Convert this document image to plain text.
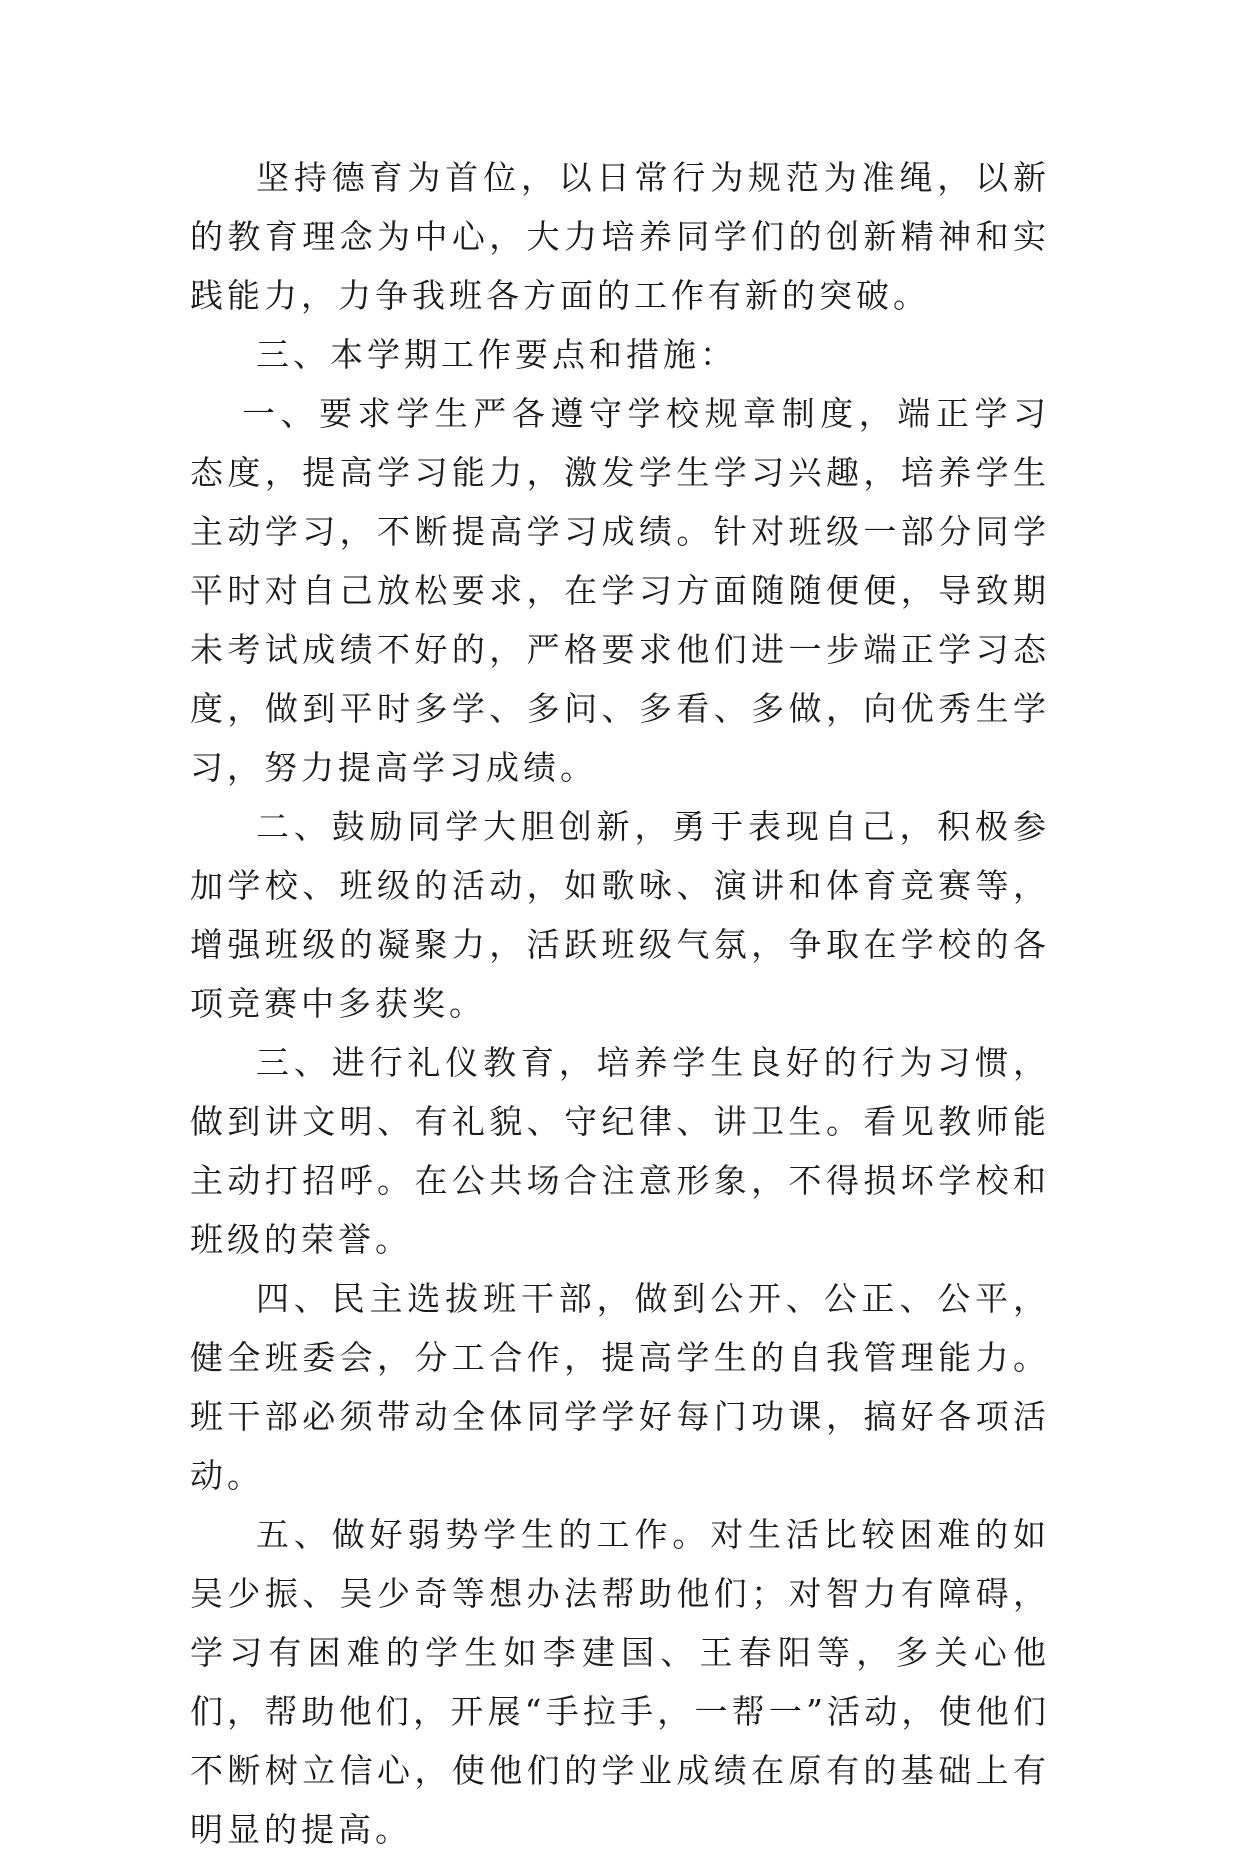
坚持德育为首位，以日常行为规范为准绳，以新的教育理念为中心，大力培养同学们的创新精神和实践能力，力争我班各方面的工作有新的突破。

三、本学期工作要点和措施：

一、要求学生严各遵守学校规章制度，端正学习态度，提高学习能力，激发学生学习兴趣，培养学生主动学习，不断提高学习成绩。针对班级一部分同学平时对自己放松要求，在学习方面随随便便，导致期未考试成绩不好的，严格要求他们进一步端正学习态度，做到平时多学、多问、多看、多做，向优秀生学习，努力提高学习成绩。

二、鼓励同学大胆创新，勇于表现自己，积极参加学校、班级的活动，如歌咏、演讲和体育竞赛等，增强班级的凝聚力，活跃班级气氛，争取在学校的各项竞赛中多获奖。

三、进行礼仪教育，培养学生良好的行为习惯，做到讲文明、有礼貌、守纪律、讲卫生。看见教师能主动打招呼。在公共场合注意形象，不得损坏学校和班级的荣誉。

四、民主选拔班干部，做到公开、公正、公平，健全班委会，分工合作，提高学生的自我管理能力。班干部必须带动全体同学学好每门功课，搞好各项活动。

五、做好弱势学生的工作。对生活比较困难的如吴少振、吴少奇等想办法帮助他们；对智力有障碍，学习有困难的学生如李建国、王春阳等，多关心他们，帮助他们，开展“手拉手，一帮一”活动，使他们不断树立信心，使他们的学业成绩在原有的基础上有明显的提高。
